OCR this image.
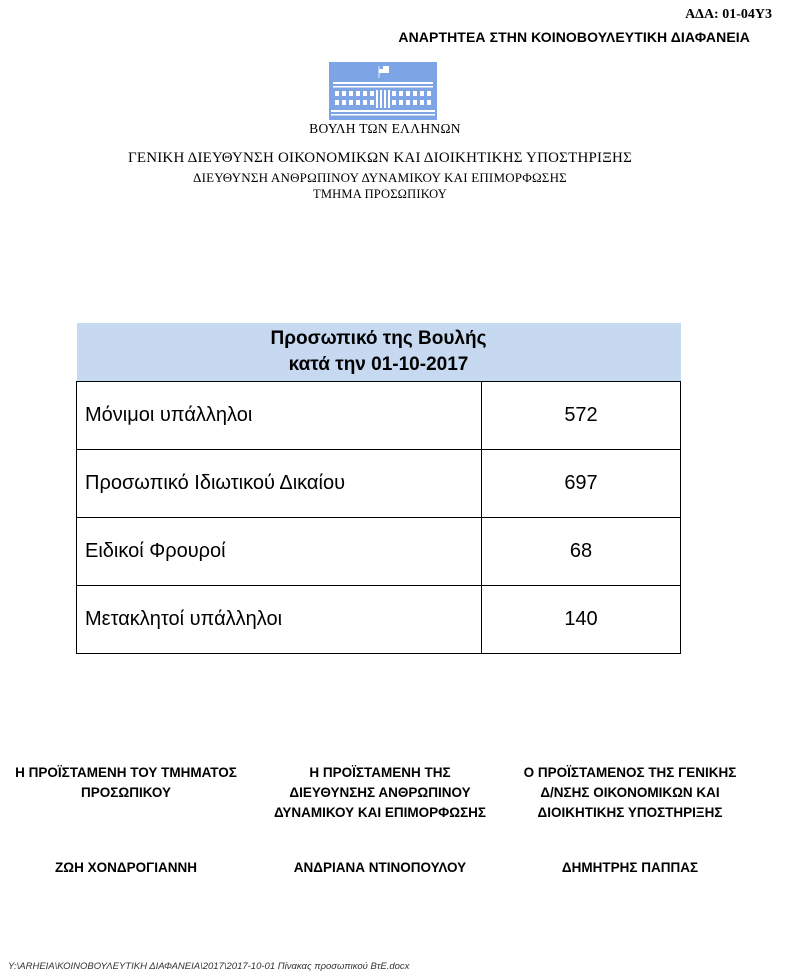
ΑΔΑ: 01-04Υ3
ΑΝΑΡΤΗΤΕΑ ΣΤΗΝ ΚΟΙΝΟΒΟΥΛΕΥΤΙΚΗ ΔΙΑΦΑΝΕΙΑ
ΒΟΥΛΗ ΤΩΝ ΕΛΛΗΝΩΝ
ΓΕΝΙΚΗ ΔΙΕΥΘΥΝΣΗ ΟΙΚΟΝΟΜΙΚΩΝ ΚΑΙ ΔΙΟΙΚΗΤΙΚΗΣ ΥΠΟΣΤΗΡΙΞΗΣ
ΔΙΕΥΘΥΝΣΗ ΑΝΘΡΩΠΙΝΟΥ ΔΥΝΑΜΙΚΟΥ ΚΑΙ ΕΠΙΜΟΡΦΩΣΗΣ
ΤΜΗΜΑ ΠΡΟΣΩΠΙΚΟΥ
Προσωπικό της Βουλής
κατά την 01-10-2017	

Μόνιμοι υπάλληλοι	572
Προσωπικό Ιδιωτικού Δικαίου	697
Ειδικοί Φρουροί	68
Μετακλητοί υπάλληλοι	140
Η ΠΡΟΪΣΤΑΜΕΝΗ ΤΟΥ ΤΜΗΜΑΤΟΣ
ΠΡΟΣΩΠΙΚΟΥ
Η ΠΡΟΪΣΤΑΜΕΝΗ ΤΗΣ
ΔΙΕΥΘΥΝΣΗΣ ΑΝΘΡΩΠΙΝΟΥ
ΔΥΝΑΜΙΚΟΥ ΚΑΙ ΕΠΙΜΟΡΦΩΣΗΣ
Ο ΠΡΟΪΣΤΑΜΕΝΟΣ ΤΗΣ ΓΕΝΙΚΗΣ
Δ/ΝΣΗΣ ΟΙΚΟΝΟΜΙΚΩΝ ΚΑΙ
ΔΙΟΙΚΗΤΙΚΗΣ ΥΠΟΣΤΗΡΙΞΗΣ
ΖΩΗ ΧΟΝΔΡΟΓΙΑΝΝΗ	ΑΝΔΡΙΑΝΑ ΝΤΙΝΟΠΟΥΛΟΥ	ΔΗΜΗΤΡΗΣ ΠΑΠΠΑΣ
Y:\ARHEIA\ΚΟΙΝΟΒΟΥΛΕΥΤΙΚΗ ΔΙΑΦΑΝΕΙΑ\2017\2017-10-01 Πίνακας προσωπικού ΒτΕ.docx
